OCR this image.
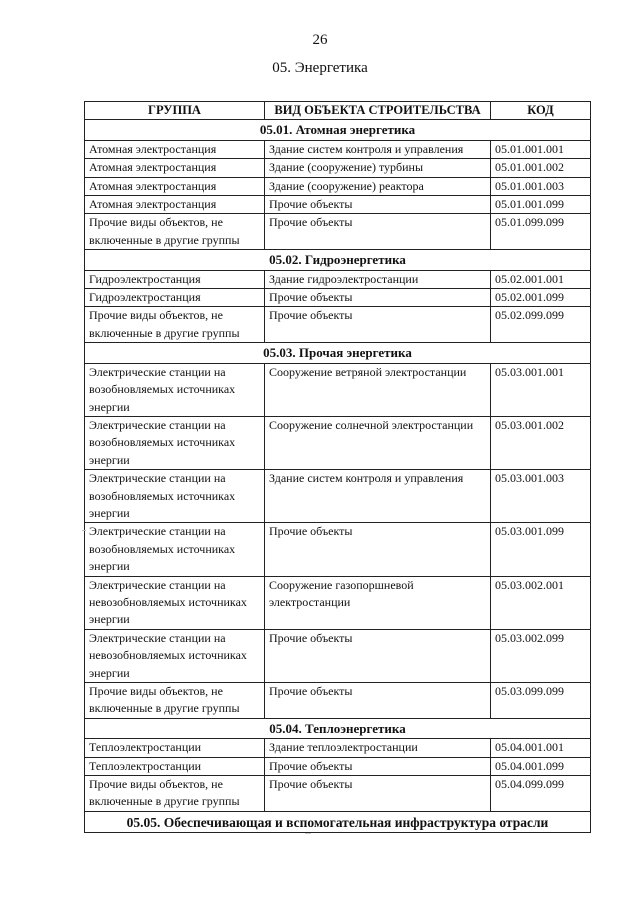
26
05. Энергетика
ГРУППА	ВИД ОБЪЕКТА СТРОИТЕЛЬСТВА	КОД
05.01. Атомная энергетика		
Атомная электростанция	Здание систем контроля и управления	05.01.001.001
Атомная электростанция	Здание (сооружение) турбины	05.01.001.002
Атомная электростанция	Здание (сооружение) реактора	05.01.001.003
Атомная электростанция	Прочие объекты	05.01.001.099
Прочие виды объектов, не включенные в другие группы	Прочие объекты	05.01.099.099
05.02. Гидроэнергетика		
Гидроэлектростанция	Здание гидроэлектростанции	05.02.001.001
Гидроэлектростанция	Прочие объекты	05.02.001.099
Прочие виды объектов, не включенные в другие группы	Прочие объекты	05.02.099.099
05.03. Прочая энергетика		
Электрические станции на возобновляемых источниках энергии	Сооружение ветряной электростанции	05.03.001.001
Электрические станции на возобновляемых источниках энергии	Сооружение солнечной электростанции	05.03.001.002
Электрические станции на возобновляемых источниках энергии	Здание систем контроля и управления	05.03.001.003
Электрические станции на возобновляемых источниках энергии	Прочие объекты	05.03.001.099
Электрические станции на невозобновляемых источниках энергии	Сооружение газопоршневой электростанции	05.03.002.001
Электрические станции на невозобновляемых источниках энергии	Прочие объекты	05.03.002.099
Прочие виды объектов, не включенные в другие группы	Прочие объекты	05.03.099.099
05.04. Теплоэнергетика		
Теплоэлектростанции	Здание теплоэлектростанции	05.04.001.001
Теплоэлектростанции	Прочие объекты	05.04.001.099
Прочие виды объектов, не включенные в другие группы	Прочие объекты	05.04.099.099
05.05. Обеспечивающая и вспомогательная инфраструктура отрасли		
